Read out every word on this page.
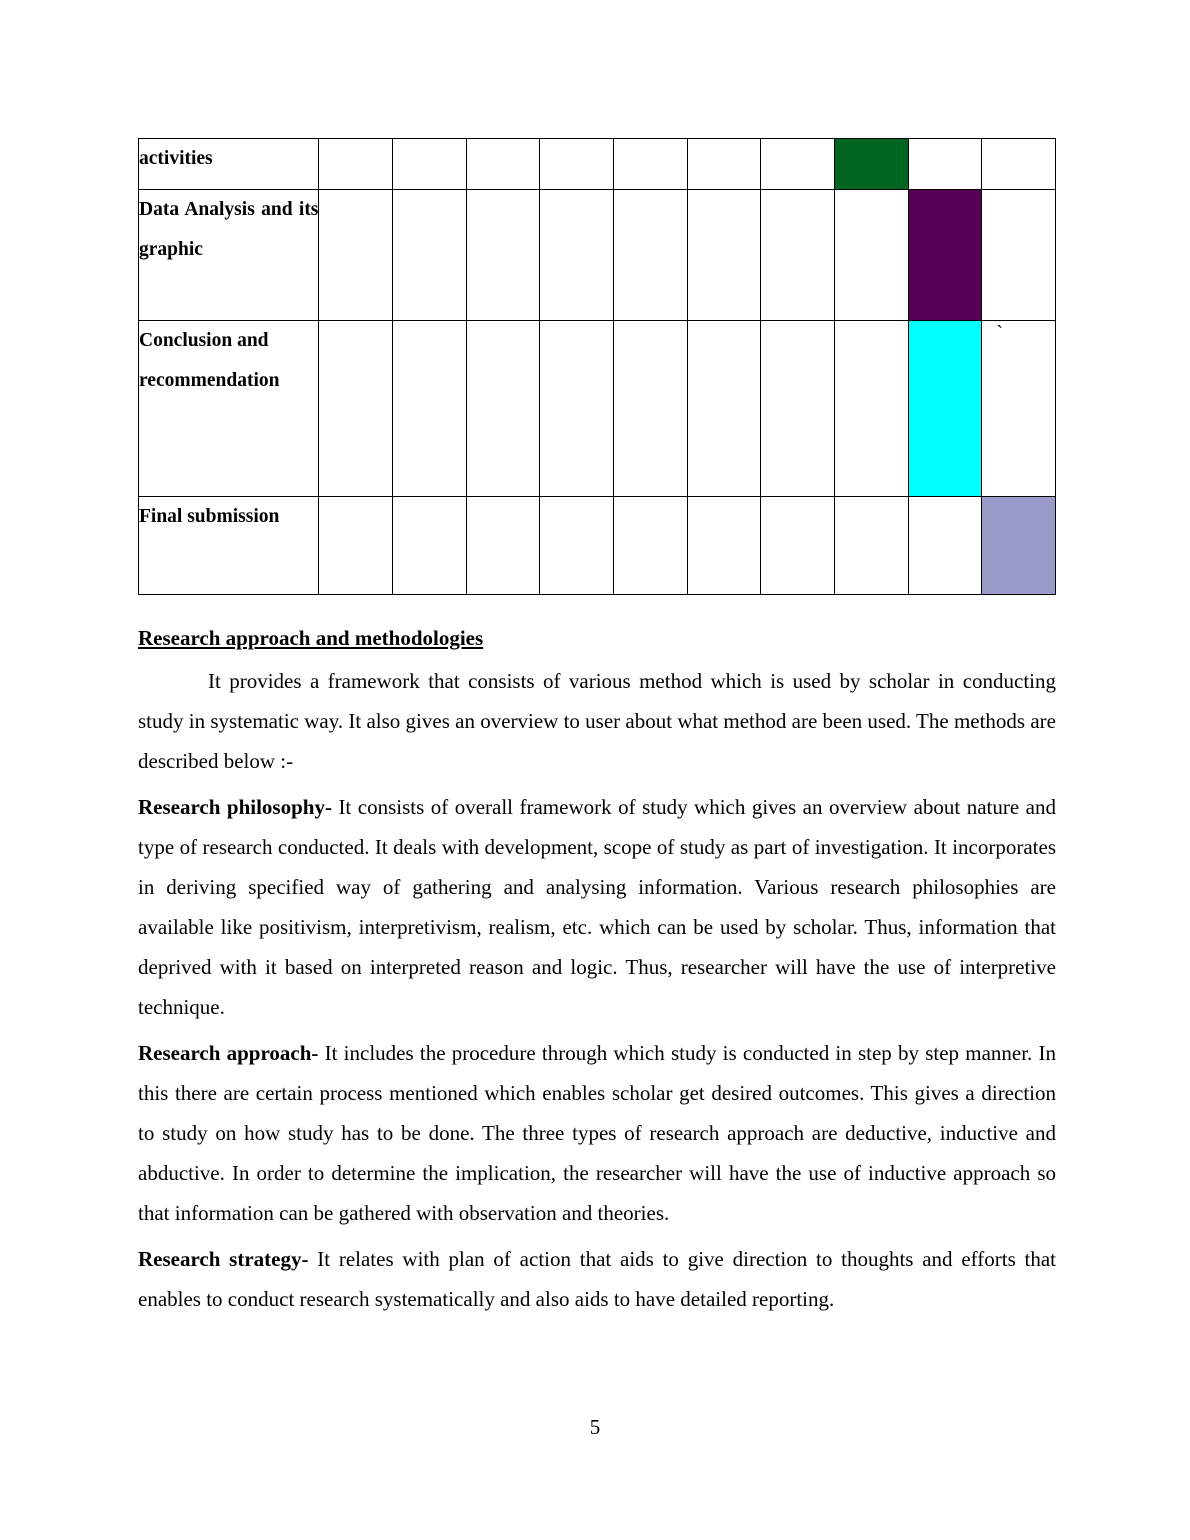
activities										

Data Analysis and its
graphic										

Conclusion and recommendation										`

Final submission										

Research approach and methodologies

It provides a framework that consists of various method which is used by scholar in conducting study in systematic way. It also gives an overview to user about what method are been used. The methods are described below :-

Research philosophy- It consists of overall framework of study which gives an overview about nature and type of research conducted. It deals with development, scope of study as part of investigation. It incorporates in deriving specified way of gathering and analysing information. Various research philosophies are available like positivism, interpretivism, realism, etc. which can be used by scholar. Thus, information that deprived with it based on interpreted reason and logic. Thus, researcher will have the use of interpretive technique.

Research approach- It includes the procedure through which study is conducted in step by step manner. In this there are certain process mentioned which enables scholar get desired outcomes. This gives a direction to study on how study has to be done. The three types of research approach are deductive, inductive and abductive. In order to determine the implication, the researcher will have the use of inductive approach so that information can be gathered with observation and theories.

Research strategy- It relates with plan of action that aids to give direction to thoughts and efforts that enables to conduct research systematically and also aids to have detailed reporting.

5
